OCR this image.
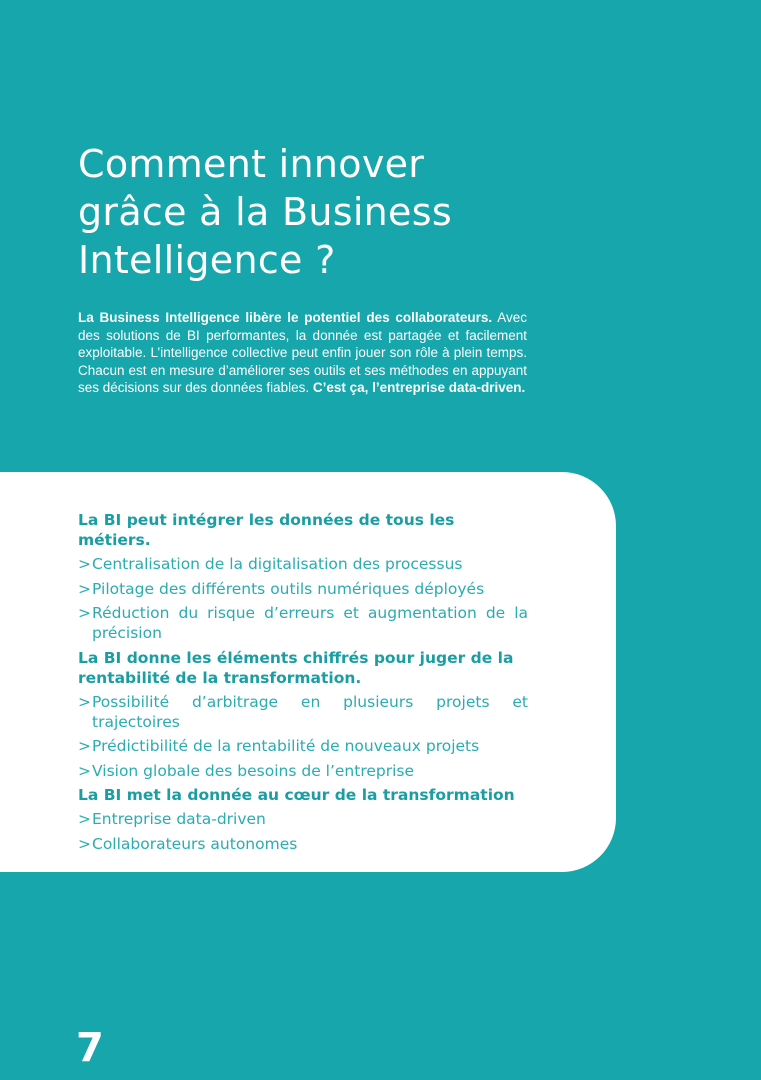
Comment innover grâce à la Business Intelligence ?

La Business Intelligence libère le potentiel des collaborateurs. Avec des solutions de BI performantes, la donnée est partagée et facilement exploitable. L’intelligence collective peut enfin jouer son rôle à plein temps. Chacun est en mesure d’améliorer ses outils et ses méthodes en appuyant ses décisions sur des données fiables. C’est ça, l’entreprise data-driven.

La BI peut intégrer les données de tous les métiers.
> Centralisation de la digitalisation des processus
> Pilotage des différents outils numériques déployés
> Réduction du risque d’erreurs et augmentation de la précision
La BI donne les éléments chiffrés pour juger de la rentabilité de la transformation.
> Possibilité d’arbitrage en plusieurs projets et trajectoires
> Prédictibilité de la rentabilité de nouveaux projets
> Vision globale des besoins de l’entreprise
La BI met la donnée au cœur de la transformation
> Entreprise data-driven
> Collaborateurs autonomes
7
